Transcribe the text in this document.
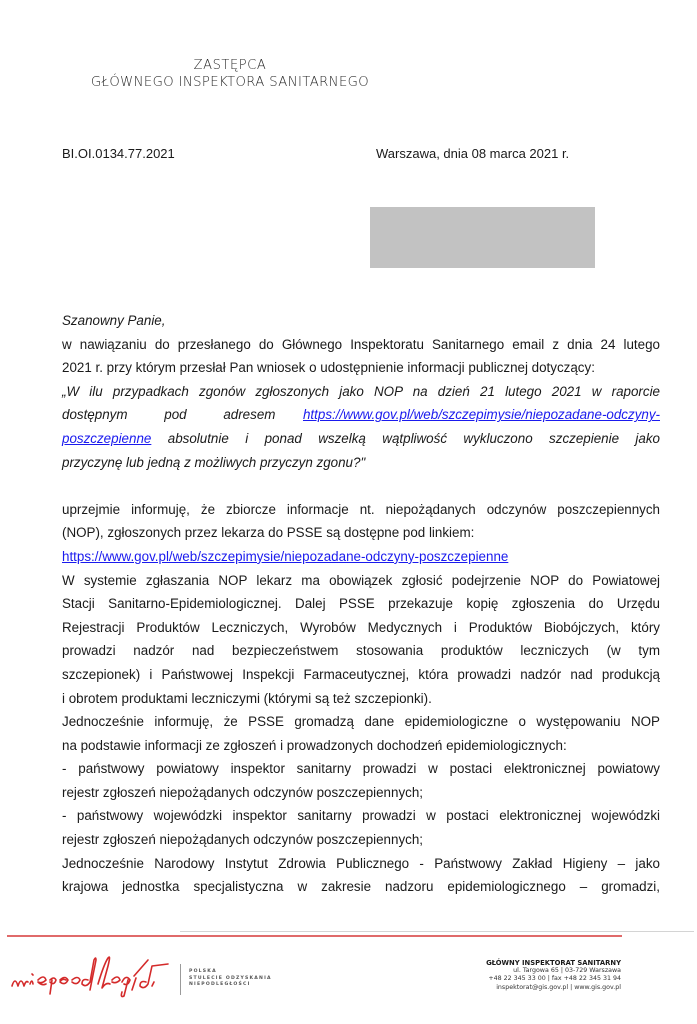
ZASTĘPCA
GŁÓWNEGO INSPEKTORA SANITARNEGO
BI.OI.0134.77.2021	Warszawa, dnia 08 marca 2021 r.

Szanowny Panie,

w nawiązaniu do przesłanego do Głównego Inspektoratu Sanitarnego email z dnia 24 lutego

2021 r. przy którym przesłał Pan wniosek o udostępnienie informacji publicznej dotyczący:

„W ilu przypadkach zgonów zgłoszonych jako NOP na dzień 21 lutego 2021 w raporcie

dostępnym    pod    adresem   https://www.gov.pl/web/szczepimysie/niepozadane-odczyny-

poszczepienne absolutnie i ponad wszelką wątpliwość wykluczono szczepienie jako

przyczynę lub jedną z możliwych przyczyn zgonu?"

uprzejmie informuję, że zbiorcze informacje nt. niepożądanych odczynów poszczepiennych

(NOP), zgłoszonych przez lekarza do PSSE są dostępne pod linkiem:

https://www.gov.pl/web/szczepimysie/niepozadane-odczyny-poszczepienne

W systemie zgłaszania NOP lekarz ma obowiązek zgłosić podejrzenie NOP do Powiatowej

Stacji Sanitarno-Epidemiologicznej. Dalej PSSE przekazuje kopię zgłoszenia do Urzędu

Rejestracji Produktów Leczniczych, Wyrobów Medycznych i Produktów Biobójczych, który

prowadzi nadzór nad bezpieczeństwem stosowania produktów leczniczych (w tym

szczepionek) i Państwowej Inspekcji Farmaceutycznej, która prowadzi nadzór nad produkcją

i obrotem produktami leczniczymi (którymi są też szczepionki).

Jednocześnie informuję, że PSSE gromadzą dane epidemiologiczne o występowaniu NOP

na podstawie informacji ze zgłoszeń i prowadzonych dochodzeń epidemiologicznych:

- państwowy powiatowy inspektor sanitarny prowadzi w postaci elektronicznej powiatowy

rejestr zgłoszeń niepożądanych odczynów poszczepiennych;

- państwowy wojewódzki inspektor sanitarny prowadzi w postaci elektronicznej wojewódzki

rejestr zgłoszeń niepożądanych odczynów poszczepiennych;

Jednocześnie Narodowy Instytut Zdrowia Publicznego - Państwowy Zakład Higieny – jako

krajowa jednostka specjalistyczna w zakresie nadzoru epidemiologicznego – gromadzi,

POLSKA
STULECIE ODZYSKANIA
NIEPODLEGŁOŚCI
GŁÓWNY INSPEKTORAT SANITARNY
ul. Targowa 65 | 03-729 Warszawa
+48 22 345 33 00 | fax +48 22 345 31 94
inspektorat@gis.gov.pl | www.gis.gov.pl
